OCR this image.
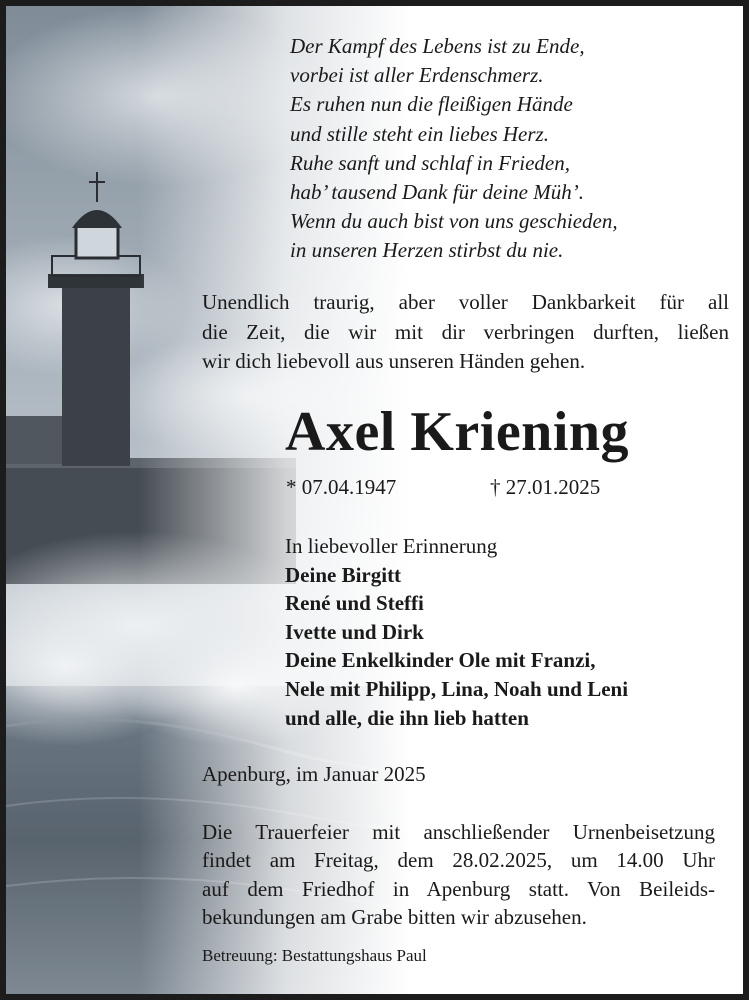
Der Kampf des Lebens ist zu Ende,
vorbei ist aller Erdenschmerz.
Es ruhen nun die fleißigen Hände
und stille steht ein liebes Herz.
Ruhe sanft und schlaf in Frieden,
hab’ tausend Dank für deine Müh’.
Wenn du auch bist von uns geschieden,
in unseren Herzen stirbst du nie.
Unendlich traurig, aber voller Dankbarkeit für all
die Zeit, die wir mit dir verbringen durften, ließen
wir dich liebevoll aus unseren Händen gehen.
Axel Kriening
* 07.04.1947	† 27.01.2025
In liebevoller Erinnerung
Deine Birgitt
René und Steffi
Ivette und Dirk
Deine Enkelkinder Ole mit Franzi,
Nele mit Philipp, Lina, Noah und Leni
und alle, die ihn lieb hatten
Apenburg, im Januar 2025
Die Trauerfeier mit anschließender Urnenbeisetzung
findet am Freitag, dem 28.02.2025, um 14.00 Uhr
auf dem Friedhof in Apenburg statt. Von Beileids-
bekundungen am Grabe bitten wir abzusehen.
Betreuung: Bestattungshaus Paul
